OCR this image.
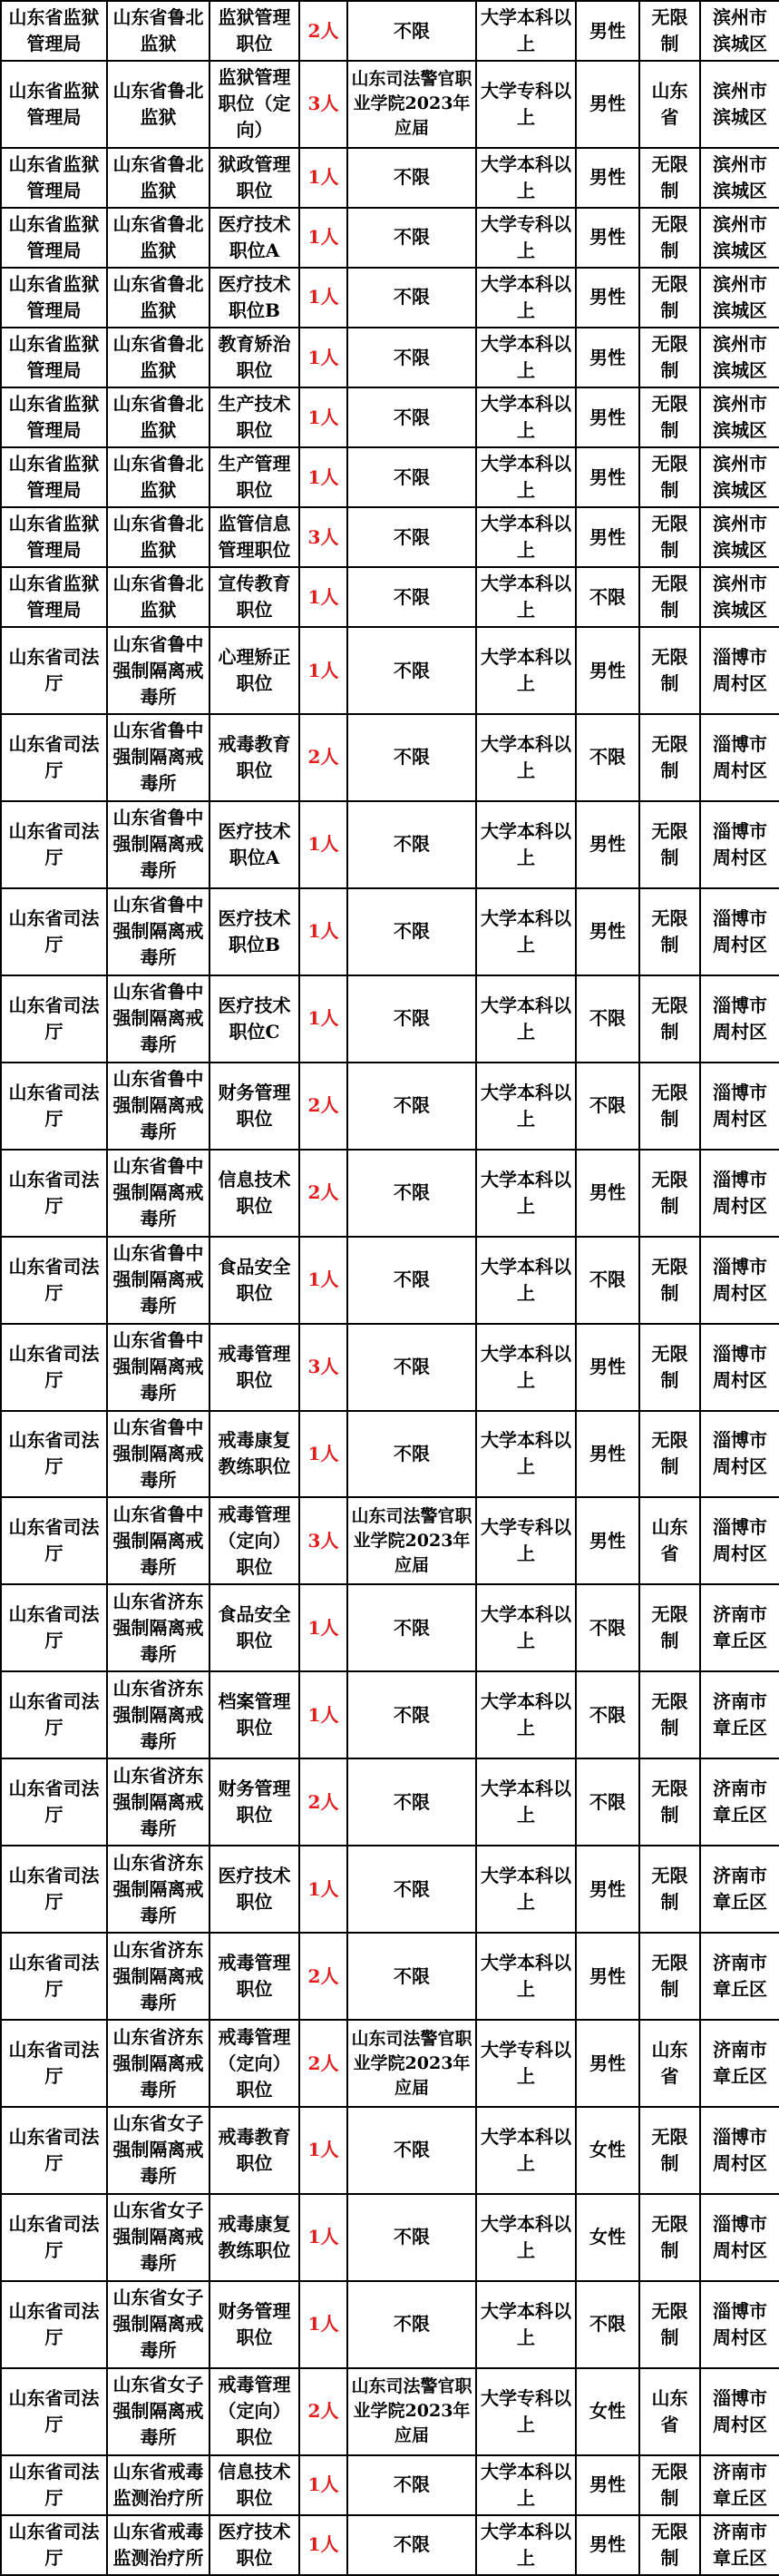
山东省监狱管理局	山东省鲁北监狱	监狱管理职位	2人	不限	大学本科以上	男性	无限制	滨州市滨城区
山东省监狱管理局	山东省鲁北监狱	监狱管理职位（定向）	3人	山东司法警官职业学院2023年应届	大学专科以上	男性	山东省	滨州市滨城区
山东省监狱管理局	山东省鲁北监狱	狱政管理职位	1人	不限	大学本科以上	男性	无限制	滨州市滨城区
山东省监狱管理局	山东省鲁北监狱	医疗技术职位A	1人	不限	大学专科以上	男性	无限制	滨州市滨城区
山东省监狱管理局	山东省鲁北监狱	医疗技术职位B	1人	不限	大学本科以上	男性	无限制	滨州市滨城区
山东省监狱管理局	山东省鲁北监狱	教育矫治职位	1人	不限	大学本科以上	男性	无限制	滨州市滨城区
山东省监狱管理局	山东省鲁北监狱	生产技术职位	1人	不限	大学本科以上	男性	无限制	滨州市滨城区
山东省监狱管理局	山东省鲁北监狱	生产管理职位	1人	不限	大学本科以上	男性	无限制	滨州市滨城区
山东省监狱管理局	山东省鲁北监狱	监管信息管理职位	3人	不限	大学本科以上	男性	无限制	滨州市滨城区
山东省监狱管理局	山东省鲁北监狱	宣传教育职位	1人	不限	大学本科以上	不限	无限制	滨州市滨城区
山东省司法厅	山东省鲁中强制隔离戒毒所	心理矫正职位	1人	不限	大学本科以上	男性	无限制	淄博市周村区
山东省司法厅	山东省鲁中强制隔离戒毒所	戒毒教育职位	2人	不限	大学本科以上	不限	无限制	淄博市周村区
山东省司法厅	山东省鲁中强制隔离戒毒所	医疗技术职位A	1人	不限	大学本科以上	男性	无限制	淄博市周村区
山东省司法厅	山东省鲁中强制隔离戒毒所	医疗技术职位B	1人	不限	大学本科以上	男性	无限制	淄博市周村区
山东省司法厅	山东省鲁中强制隔离戒毒所	医疗技术职位C	1人	不限	大学本科以上	不限	无限制	淄博市周村区
山东省司法厅	山东省鲁中强制隔离戒毒所	财务管理职位	2人	不限	大学本科以上	不限	无限制	淄博市周村区
山东省司法厅	山东省鲁中强制隔离戒毒所	信息技术职位	2人	不限	大学本科以上	男性	无限制	淄博市周村区
山东省司法厅	山东省鲁中强制隔离戒毒所	食品安全职位	1人	不限	大学本科以上	不限	无限制	淄博市周村区
山东省司法厅	山东省鲁中强制隔离戒毒所	戒毒管理职位	3人	不限	大学本科以上	男性	无限制	淄博市周村区
山东省司法厅	山东省鲁中强制隔离戒毒所	戒毒康复教练职位	1人	不限	大学本科以上	男性	无限制	淄博市周村区
山东省司法厅	山东省鲁中强制隔离戒毒所	戒毒管理（定向）职位	3人	山东司法警官职业学院2023年应届	大学专科以上	男性	山东省	淄博市周村区
山东省司法厅	山东省济东强制隔离戒毒所	食品安全职位	1人	不限	大学本科以上	不限	无限制	济南市章丘区
山东省司法厅	山东省济东强制隔离戒毒所	档案管理职位	1人	不限	大学本科以上	不限	无限制	济南市章丘区
山东省司法厅	山东省济东强制隔离戒毒所	财务管理职位	2人	不限	大学本科以上	不限	无限制	济南市章丘区
山东省司法厅	山东省济东强制隔离戒毒所	医疗技术职位	1人	不限	大学本科以上	男性	无限制	济南市章丘区
山东省司法厅	山东省济东强制隔离戒毒所	戒毒管理职位	2人	不限	大学本科以上	男性	无限制	济南市章丘区
山东省司法厅	山东省济东强制隔离戒毒所	戒毒管理（定向）职位	2人	山东司法警官职业学院2023年应届	大学专科以上	男性	山东省	济南市章丘区
山东省司法厅	山东省女子强制隔离戒毒所	戒毒教育职位	1人	不限	大学本科以上	女性	无限制	淄博市周村区
山东省司法厅	山东省女子强制隔离戒毒所	戒毒康复教练职位	1人	不限	大学本科以上	女性	无限制	淄博市周村区
山东省司法厅	山东省女子强制隔离戒毒所	财务管理职位	1人	不限	大学本科以上	不限	无限制	淄博市周村区
山东省司法厅	山东省女子强制隔离戒毒所	戒毒管理（定向）职位	2人	山东司法警官职业学院2023年应届	大学专科以上	女性	山东省	淄博市周村区
山东省司法厅	山东省戒毒监测治疗所	信息技术职位	1人	不限	大学本科以上	男性	无限制	济南市章丘区
山东省司法厅	山东省戒毒监测治疗所	医疗技术职位	1人	不限	大学本科以上	男性	无限制	济南市章丘区
